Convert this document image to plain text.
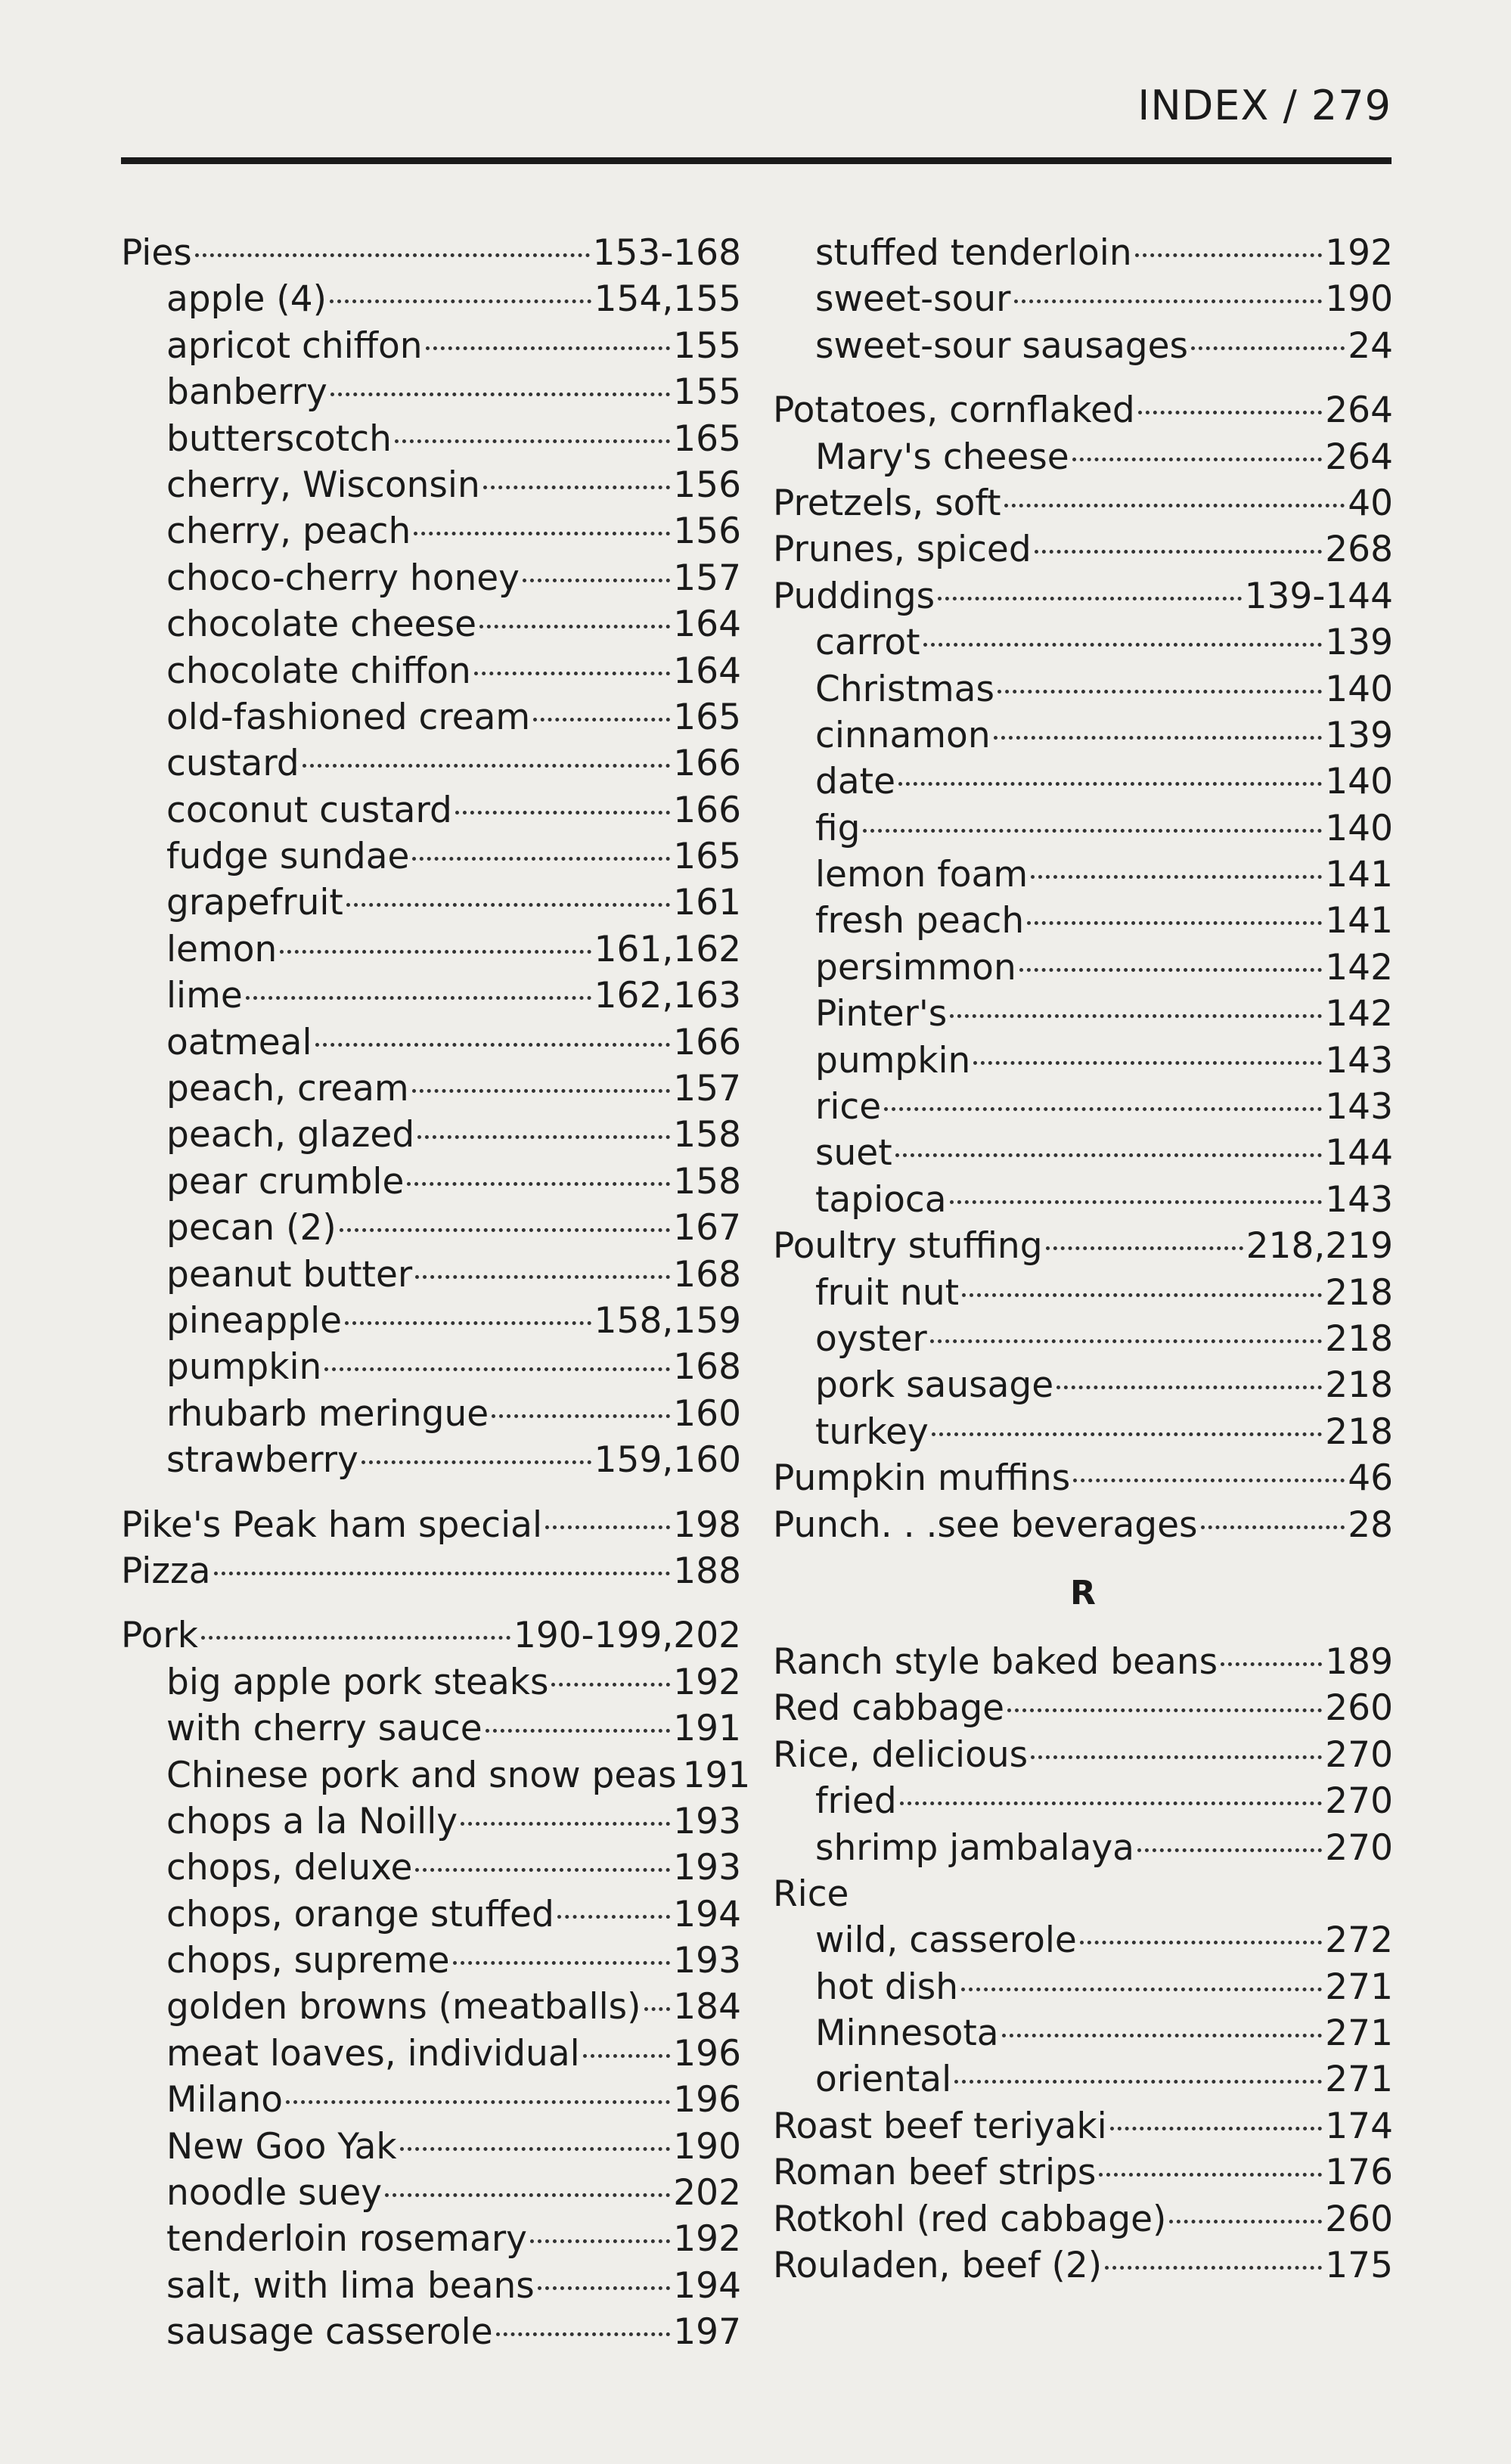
INDEX / 279
Pies	153-168
apple (4)	154,155
apricot chiffon	155
banberry	155
butterscotch	165
cherry, Wisconsin	156
cherry, peach	156
choco-cherry honey	157
chocolate cheese	164
chocolate chiffon	164
old-fashioned cream	165
custard	166
coconut custard	166
fudge sundae	165
grapefruit	161
lemon	161,162
lime	162,163
oatmeal	166
peach, cream	157
peach, glazed	158
pear crumble	158
pecan (2)	167
peanut butter	168
pineapple	158,159
pumpkin	168
rhubarb meringue	160
strawberry	159,160
Pike's Peak ham special	198
Pizza	188
Pork	190-199,202
big apple pork steaks	192
with cherry sauce	191
Chinese pork and snow peas 191
chops a la Noilly	193
chops, deluxe	193
chops, orange stuffed	194
chops, supreme	193
golden browns (meatballs) 184
meat loaves, individual	196
Milano	196
New Goo Yak	190
noodle suey	202
tenderloin rosemary	192
salt, with lima beans	194
sausage casserole	197
stuffed tenderloin	192
sweet-sour	190
sweet-sour sausages	24
Potatoes, cornflaked	264
Mary's cheese	264
Pretzels, soft	40
Prunes, spiced	268
Puddings	139-144
carrot	139
Christmas	140
cinnamon	139
date	140
fig	140
lemon foam	141
fresh peach	141
persimmon	142
Pinter's	142
pumpkin	143
rice	143
suet	144
tapioca	143
Poultry stuffing	218,219
fruit nut	218
oyster	218
pork sausage	218
turkey	218
Pumpkin muffins	46
Punch. . .see beverages	28
R
Ranch style baked beans	189
Red cabbage	260
Rice, delicious	270
fried	270
shrimp jambalaya	270
Rice
wild, casserole	272
hot dish	271
Minnesota	271
oriental	271
Roast beef teriyaki	174
Roman beef strips	176
Rotkohl (red cabbage)	260
Rouladen, beef (2)	175
